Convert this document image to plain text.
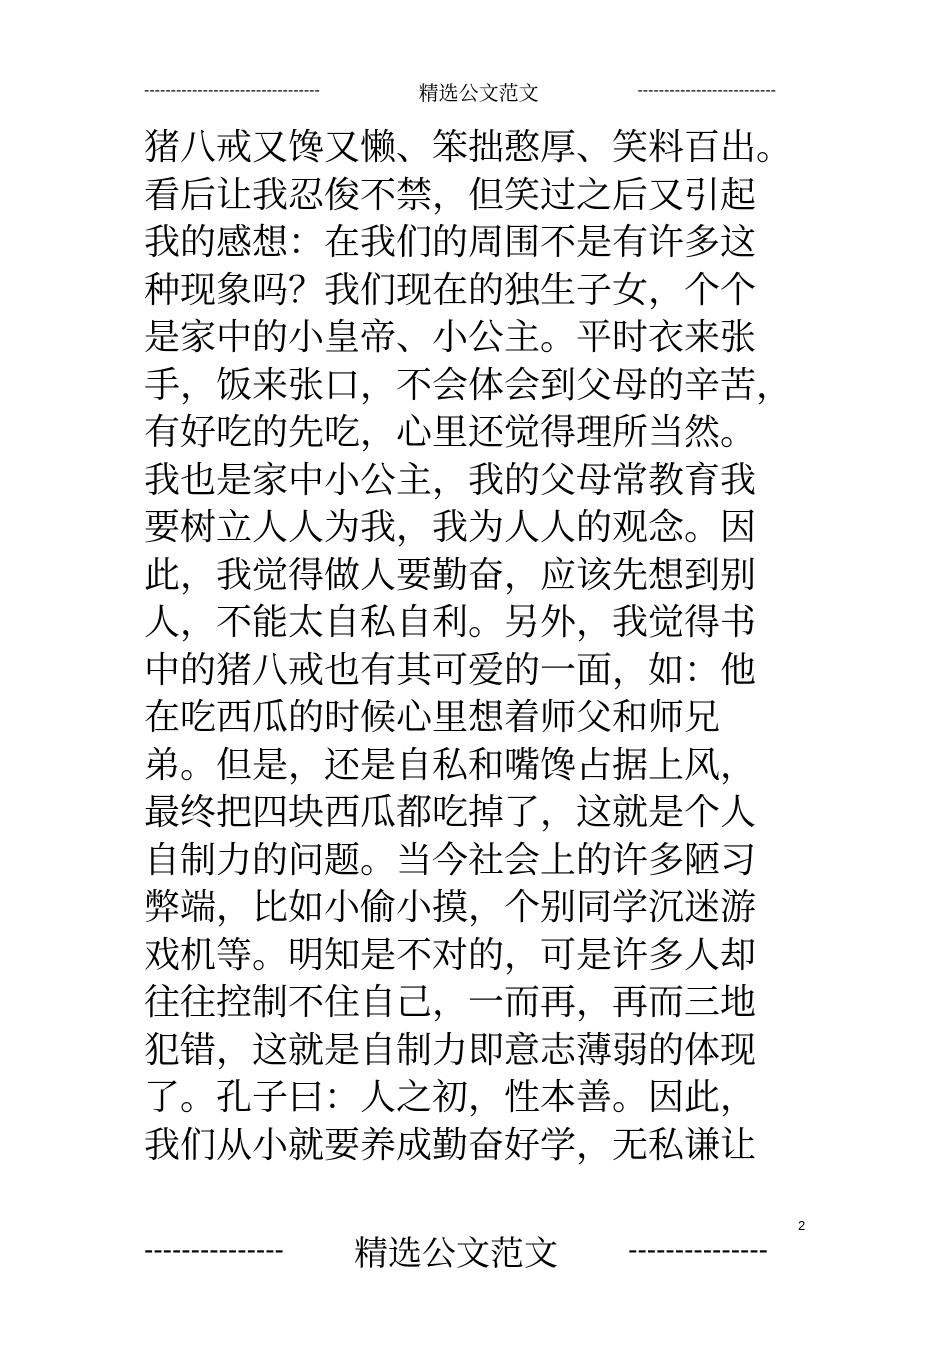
---------------------------------	精选公文范文	--------------------------
猪八戒又馋又懒、笨拙憨厚、笑料百出。
看后让我忍俊不禁，但笑过之后又引起
我的感想：在我们的周围不是有许多这
种现象吗？我们现在的独生子女，个个
是家中的小皇帝、小公主。平时衣来张
手，饭来张口，不会体会到父母的辛苦，
有好吃的先吃，心里还觉得理所当然。
我也是家中小公主，我的父母常教育我
要树立人人为我，我为人人的观念。因
此，我觉得做人要勤奋，应该先想到别
人，不能太自私自利。另外，我觉得书
中的猪八戒也有其可爱的一面，如：他
在吃西瓜的时候心里想着师父和师兄
弟。但是，还是自私和嘴馋占据上风，
最终把四块西瓜都吃掉了，这就是个人
自制力的问题。当今社会上的许多陋习
弊端，比如小偷小摸，个别同学沉迷游
戏机等。明知是不对的，可是许多人却
往往控制不住自己，一而再，再而三地
犯错，这就是自制力即意志薄弱的体现
了。孔子曰：人之初，性本善。因此，
我们从小就要养成勤奋好学，无私谦让
2
--------------- 精选公文范文	---------------
